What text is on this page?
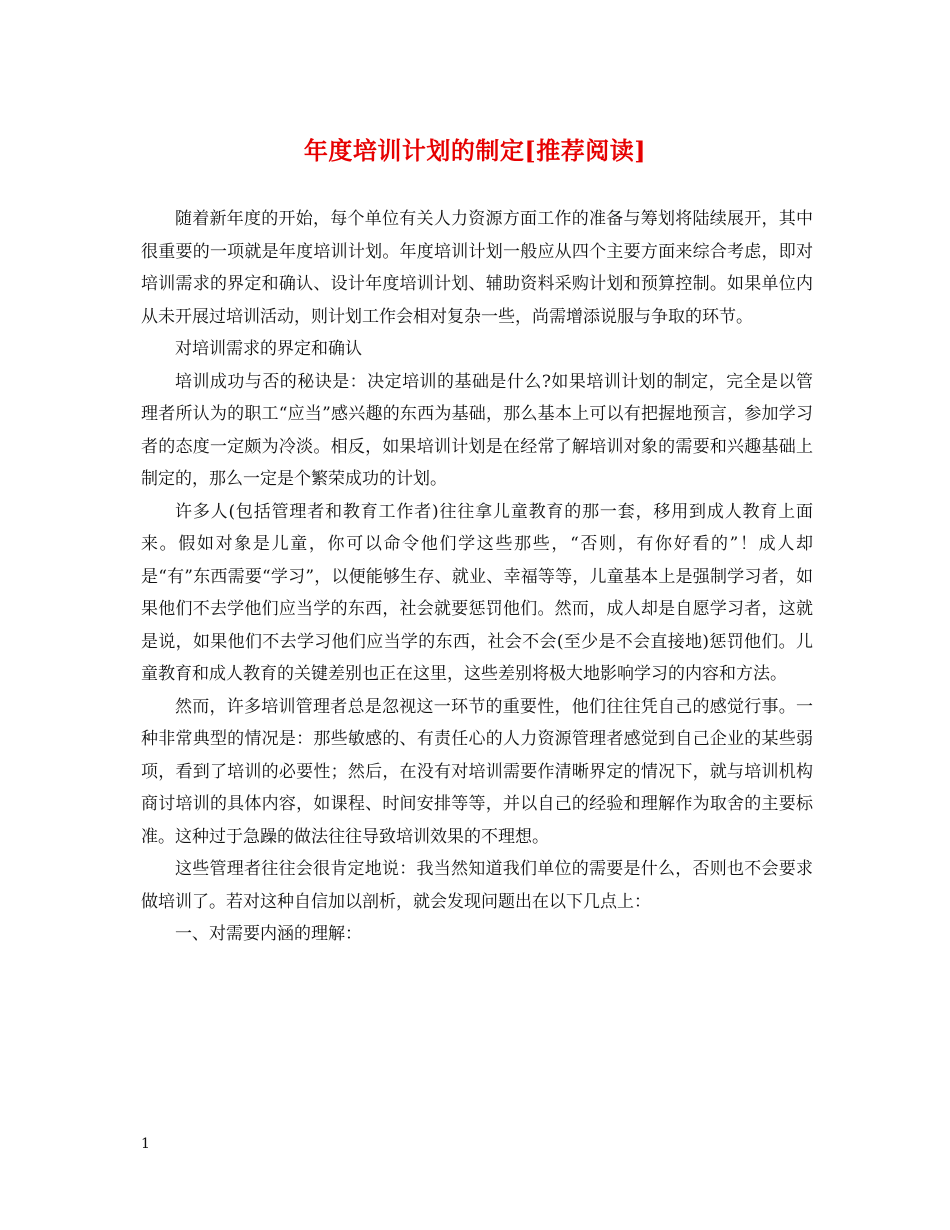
年度培训计划的制定[推荐阅读]

随着新年度的开始，每个单位有关人力资源方面工作的准备与筹划将陆续展开，其中很重要的一项就是年度培训计划。年度培训计划一般应从四个主要方面来综合考虑，即对培训需求的界定和确认、设计年度培训计划、辅助资料采购计划和预算控制。如果单位内从未开展过培训活动，则计划工作会相对复杂一些，尚需增添说服与争取的环节。

对培训需求的界定和确认

培训成功与否的秘诀是：决定培训的基础是什么?如果培训计划的制定，完全是以管理者所认为的职工“应当”感兴趣的东西为基础，那么基本上可以有把握地预言，参加学习者的态度一定颇为冷淡。相反，如果培训计划是在经常了解培训对象的需要和兴趣基础上制定的，那么一定是个繁荣成功的计划。

许多人(包括管理者和教育工作者)往往拿儿童教育的那一套，移用到成人教育上面来。假如对象是儿童，你可以命令他们学这些那些，“否则，有你好看的”！成人却是“有”东西需要“学习”，以便能够生存、就业、幸福等等，儿童基本上是强制学习者，如果他们不去学他们应当学的东西，社会就要惩罚他们。然而，成人却是自愿学习者，这就是说，如果他们不去学习他们应当学的东西，社会不会(至少是不会直接地)惩罚他们。儿童教育和成人教育的关键差别也正在这里，这些差别将极大地影响学习的内容和方法。

然而，许多培训管理者总是忽视这一环节的重要性，他们往往凭自己的感觉行事。一种非常典型的情况是：那些敏感的、有责任心的人力资源管理者感觉到自己企业的某些弱项，看到了培训的必要性；然后，在没有对培训需要作清晰界定的情况下，就与培训机构商讨培训的具体内容，如课程、时间安排等等，并以自己的经验和理解作为取舍的主要标准。这种过于急躁的做法往往导致培训效果的不理想。

这些管理者往往会很肯定地说：我当然知道我们单位的需要是什么，否则也不会要求做培训了。若对这种自信加以剖析，就会发现问题出在以下几点上：

一、对需要内涵的理解：

1
